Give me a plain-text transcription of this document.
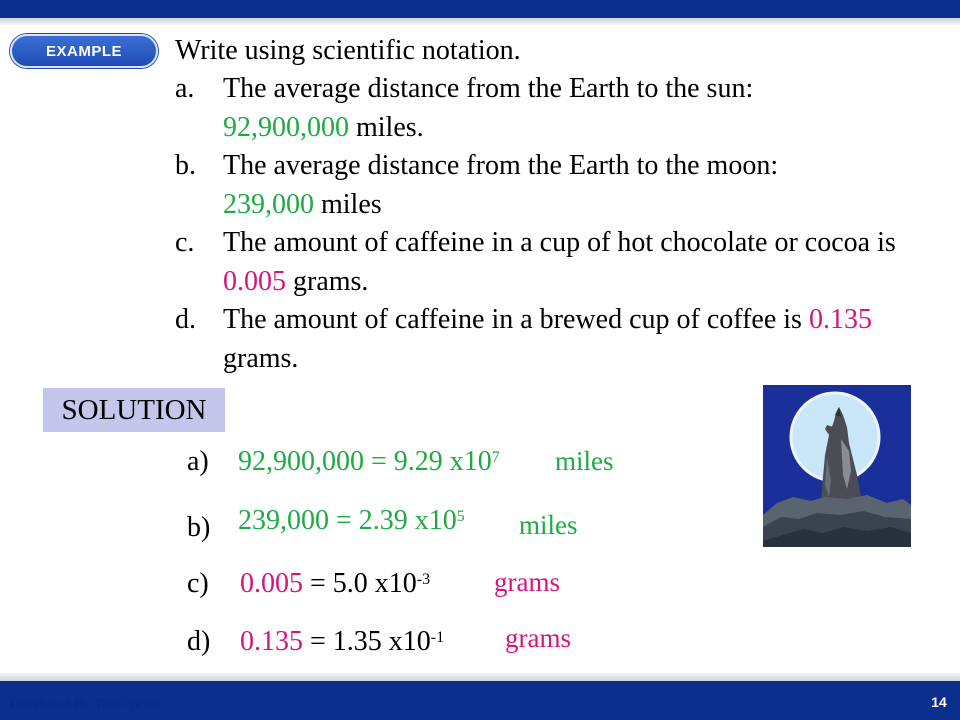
EXAMPLE	Write using scientific notation.
a.	The average distance from the Earth to the sun:
92,900,000 miles.
b. The average distance from the Earth to the moon:
239,000 miles
c.	The amount of caffeine in a cup of hot chocolate or cocoa is 0.005 grams.
d. The amount of caffeine in a brewed cup of coffee is 0.135 grams.
SOLUTION
a) 92,900,000 = 9.29 $x10^7$ miles
b) 239,000 = 2.39 $x10^5$ miles
c) 0.005 = 5.0 $x10^{-3}$ grams
d) 0.135 = 1.35 $x10^{-1}$ grams
Developed By TimO'Brien	14
